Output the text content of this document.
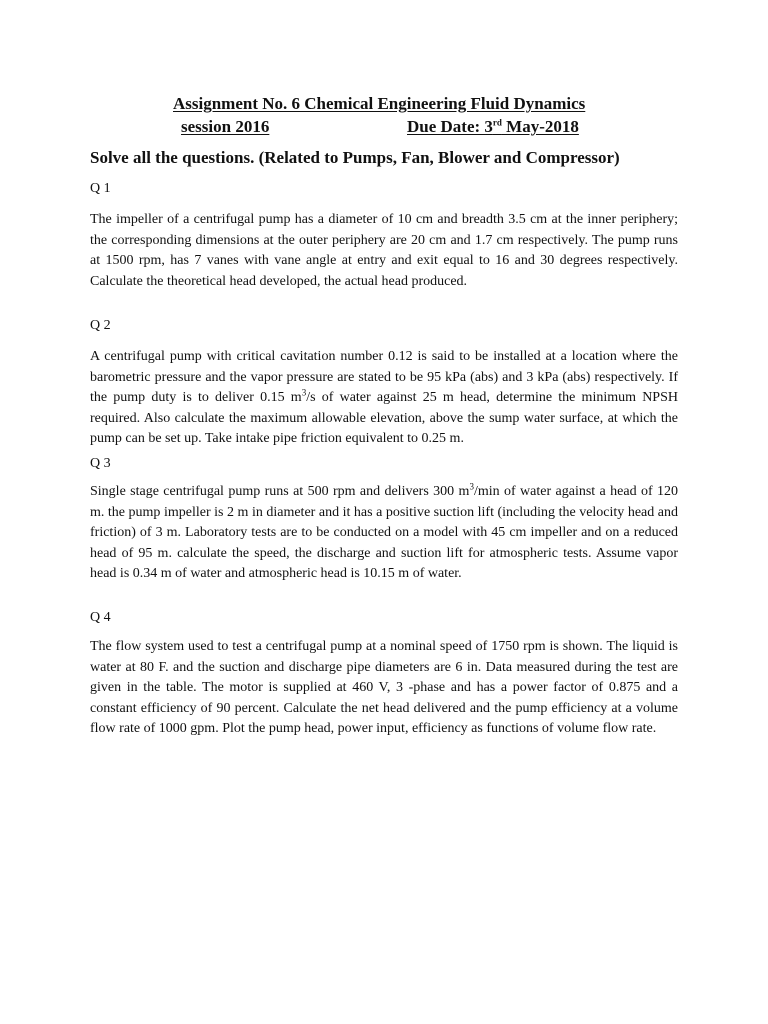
Assignment No. 6 Chemical Engineering Fluid Dynamics
session 2016	Due Date: 3rd May-2018

Solve all the questions. (Related to Pumps, Fan, Blower and Compressor)

Q 1

The impeller of a centrifugal pump has a diameter of 10 cm and breadth 3.5 cm at the inner periphery; the corresponding dimensions at the outer periphery are 20 cm and 1.7 cm respectively. The pump runs at 1500 rpm, has 7 vanes with vane angle at entry and exit equal to 16 and 30 degrees respectively. Calculate the theoretical head developed, the actual head produced.

Q 2

A centrifugal pump with critical cavitation number 0.12 is said to be installed at a location where the barometric pressure and the vapor pressure are stated to be 95 kPa (abs) and 3 kPa (abs) respectively. If the pump duty is to deliver 0.15 $m^3/s$ of water against 25 m head, determine the minimum NPSH required. Also calculate the maximum allowable elevation, above the sump water surface, at which the pump can be set up. Take intake pipe friction equivalent to 0.25 m.

Q 3

Single stage centrifugal pump runs at 500 rpm and delivers 300 $m^3/\min$ of water against a head of 120 m. the pump impeller is 2 m in diameter and it has a positive suction lift (including the velocity head and friction) of 3 m. Laboratory tests are to be conducted on a model with 45 cm impeller and on a reduced head of 95 m. calculate the speed, the discharge and suction lift for atmospheric tests. Assume vapor head is 0.34 m of water and atmospheric head is 10.15 m of water.

Q 4

The flow system used to test a centrifugal pump at a nominal speed of 1750 rpm is shown. The liquid is water at 80 F. and the suction and discharge pipe diameters are 6 in. Data measured during the test are given in the table. The motor is supplied at 460 V, 3 -phase and has a power factor of 0.875 and a constant efficiency of 90 percent. Calculate the net head delivered and the pump efficiency at a volume flow rate of 1000 gpm. Plot the pump head, power input, efficiency as functions of volume flow rate.
